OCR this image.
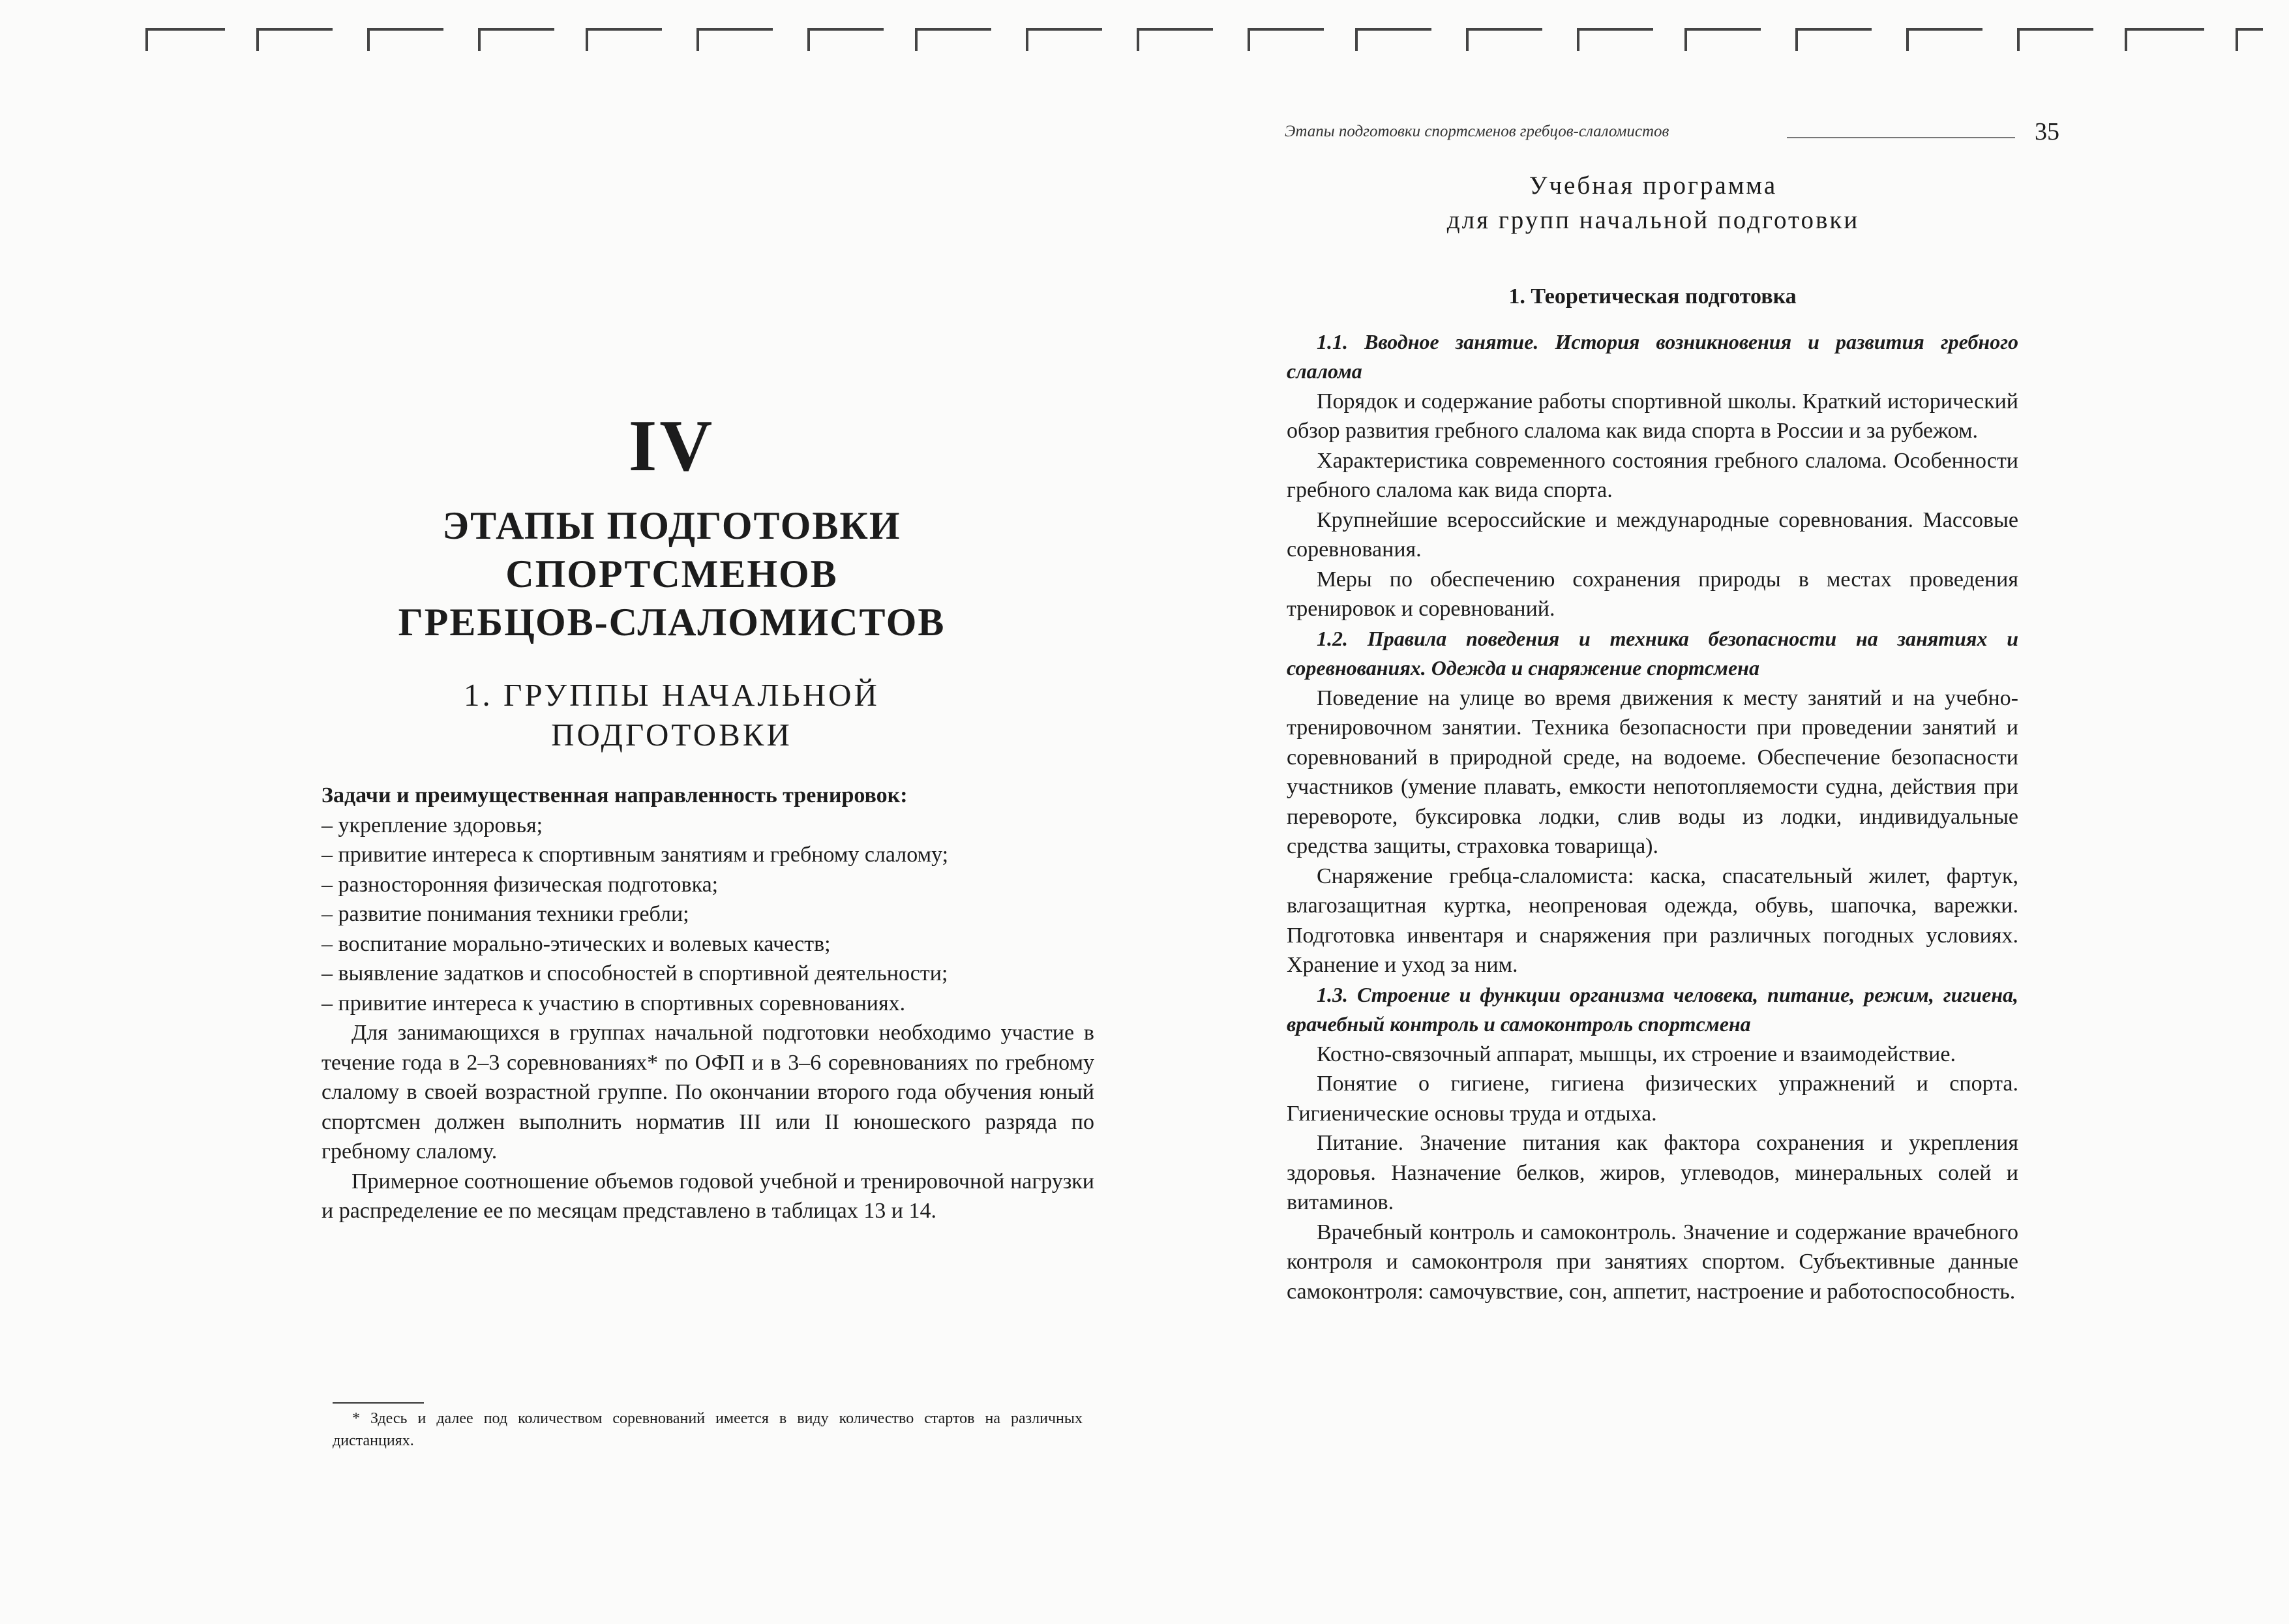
IV
ЭТАПЫ ПОДГОТОВКИ
СПОРТСМЕНОВ
ГРЕБЦОВ-СЛАЛОМИСТОВ
1. ГРУППЫ НАЧАЛЬНОЙ
ПОДГОТОВКИ
Задачи и преимущественная направленность тренировок:
– укрепление здоровья;
– привитие интереса к спортивным занятиям и гребному слалому;
– разносторонняя физическая подготовка;
– развитие понимания техники гребли;
– воспитание морально-этических и волевых качеств;
– выявление задатков и способностей в спортивной деятельности;
– привитие интереса к участию в спортивных соревнованиях.

Для занимающихся в группах начальной подготовки необходимо участие в течение года в 2–3 соревнованиях* по ОФП и в 3–6 соревнованиях по гребному слалому в своей возрастной группе. По окончании второго года обучения юный спортсмен должен выполнить норматив III или II юношеского разряда по гребному слалому.

Примерное соотношение объемов годовой учебной и тренировочной нагрузки и распределение ее по месяцам представлено в таблицах 13 и 14.

* Здесь и далее под количеством соревнований имеется в виду количество стартов на различных дистанциях.
Этапы подготовки спортсменов гребцов-слаломистов	35
Учебная программа
для групп начальной подготовки

1. Теоретическая подготовка

1.1. Вводное занятие. История возникновения и развития гребного слалома

Порядок и содержание работы спортивной школы. Краткий исторический обзор развития гребного слалома как вида спорта в России и за рубежом.

Характеристика современного состояния гребного слалома. Особенности гребного слалома как вида спорта.

Крупнейшие всероссийские и международные соревнования. Массовые соревнования.

Меры по обеспечению сохранения природы в местах проведения тренировок и соревнований.

1.2. Правила поведения и техника безопасности на занятиях и соревнованиях. Одежда и снаряжение спортсмена

Поведение на улице во время движения к месту занятий и на учебно-тренировочном занятии. Техника безопасности при проведении занятий и соревнований в природной среде, на водоеме. Обеспечение безопасности участников (умение плавать, емкости непотопляемости судна, действия при перевороте, буксировка лодки, слив воды из лодки, индивидуальные средства защиты, страховка товарища).

Снаряжение гребца-слаломиста: каска, спасательный жилет, фартук, влагозащитная куртка, неопреновая одежда, обувь, шапочка, варежки. Подготовка инвентаря и снаряжения при различных погодных условиях. Хранение и уход за ним.

1.3. Строение и функции организма человека, питание, режим, гигиена, врачебный контроль и самоконтроль спортсмена

Костно-связочный аппарат, мышцы, их строение и взаимодействие.

Понятие о гигиене, гигиена физических упражнений и спорта. Гигиенические основы труда и отдыха.

Питание. Значение питания как фактора сохранения и укрепления здоровья. Назначение белков, жиров, углеводов, минеральных солей и витаминов.

Врачебный контроль и самоконтроль. Значение и содержание врачебного контроля и самоконтроля при занятиях спортом. Субъективные данные самоконтроля: самочувствие, сон, аппетит, настроение и работоспособность.
